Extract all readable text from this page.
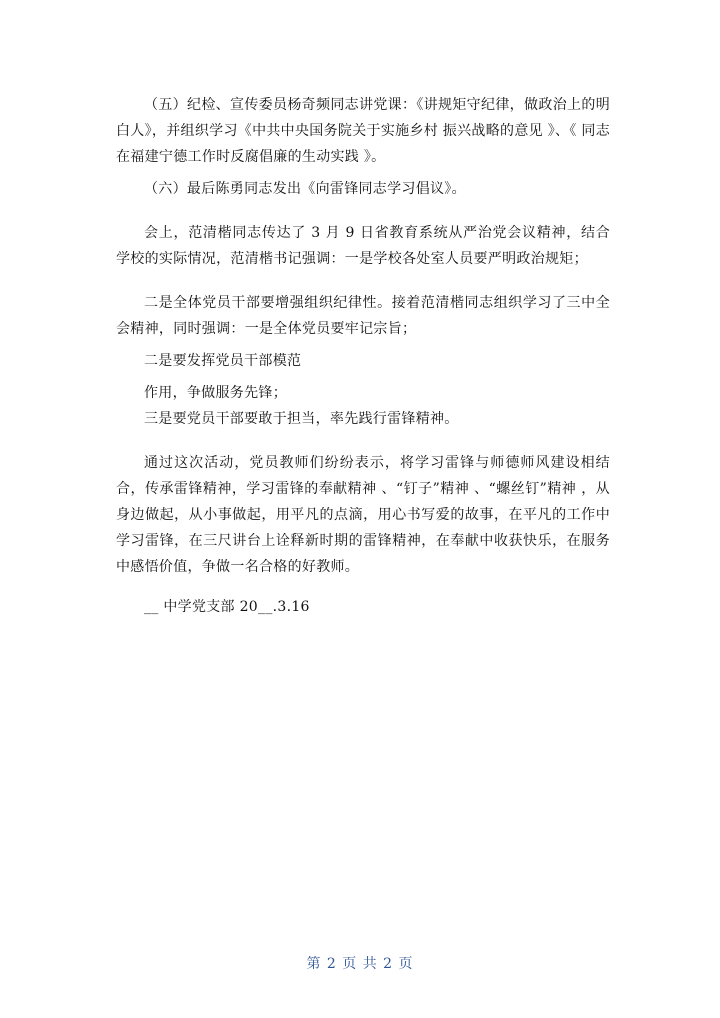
（五）纪检、宣传委员杨奇频同志讲党课：《讲规矩守纪律，做政治上的明白人》，并组织学习《中共中央国务院关于实施乡村 振兴战略的意见 》、《 同志在福建宁德工作时反腐倡廉的生动实践 》。

（六）最后陈勇同志发出《向雷锋同志学习倡议》。

会上，范清楷同志传达了 3 月 9 日省教育系统从严治党会议精神，结合学校的实际情况，范清楷书记强调：一是学校各处室人员要严明政治规矩；

二是全体党员干部要增强组织纪律性。接着范清楷同志组织学习了三中全会精神，同时强调：一是全体党员要牢记宗旨；

二是要发挥党员干部模范

作用，争做服务先锋；

三是要党员干部要敢于担当，率先践行雷锋精神。

通过这次活动，党员教师们纷纷表示，将学习雷锋与师德师风建设相结合，传承雷锋精神，学习雷锋的奉献精神 、“钉子”精神 、“螺丝钉”精神 ，从身边做起，从小事做起，用平凡的点滴，用心书写爱的故事，在平凡的工作中学习雷锋，在三尺讲台上诠释新时期的雷锋精神，在奉献中收获快乐，在服务中感悟价值，争做一名合格的好教师。

__ 中学党支部 20__.3.16

第 2 页 共 2 页
